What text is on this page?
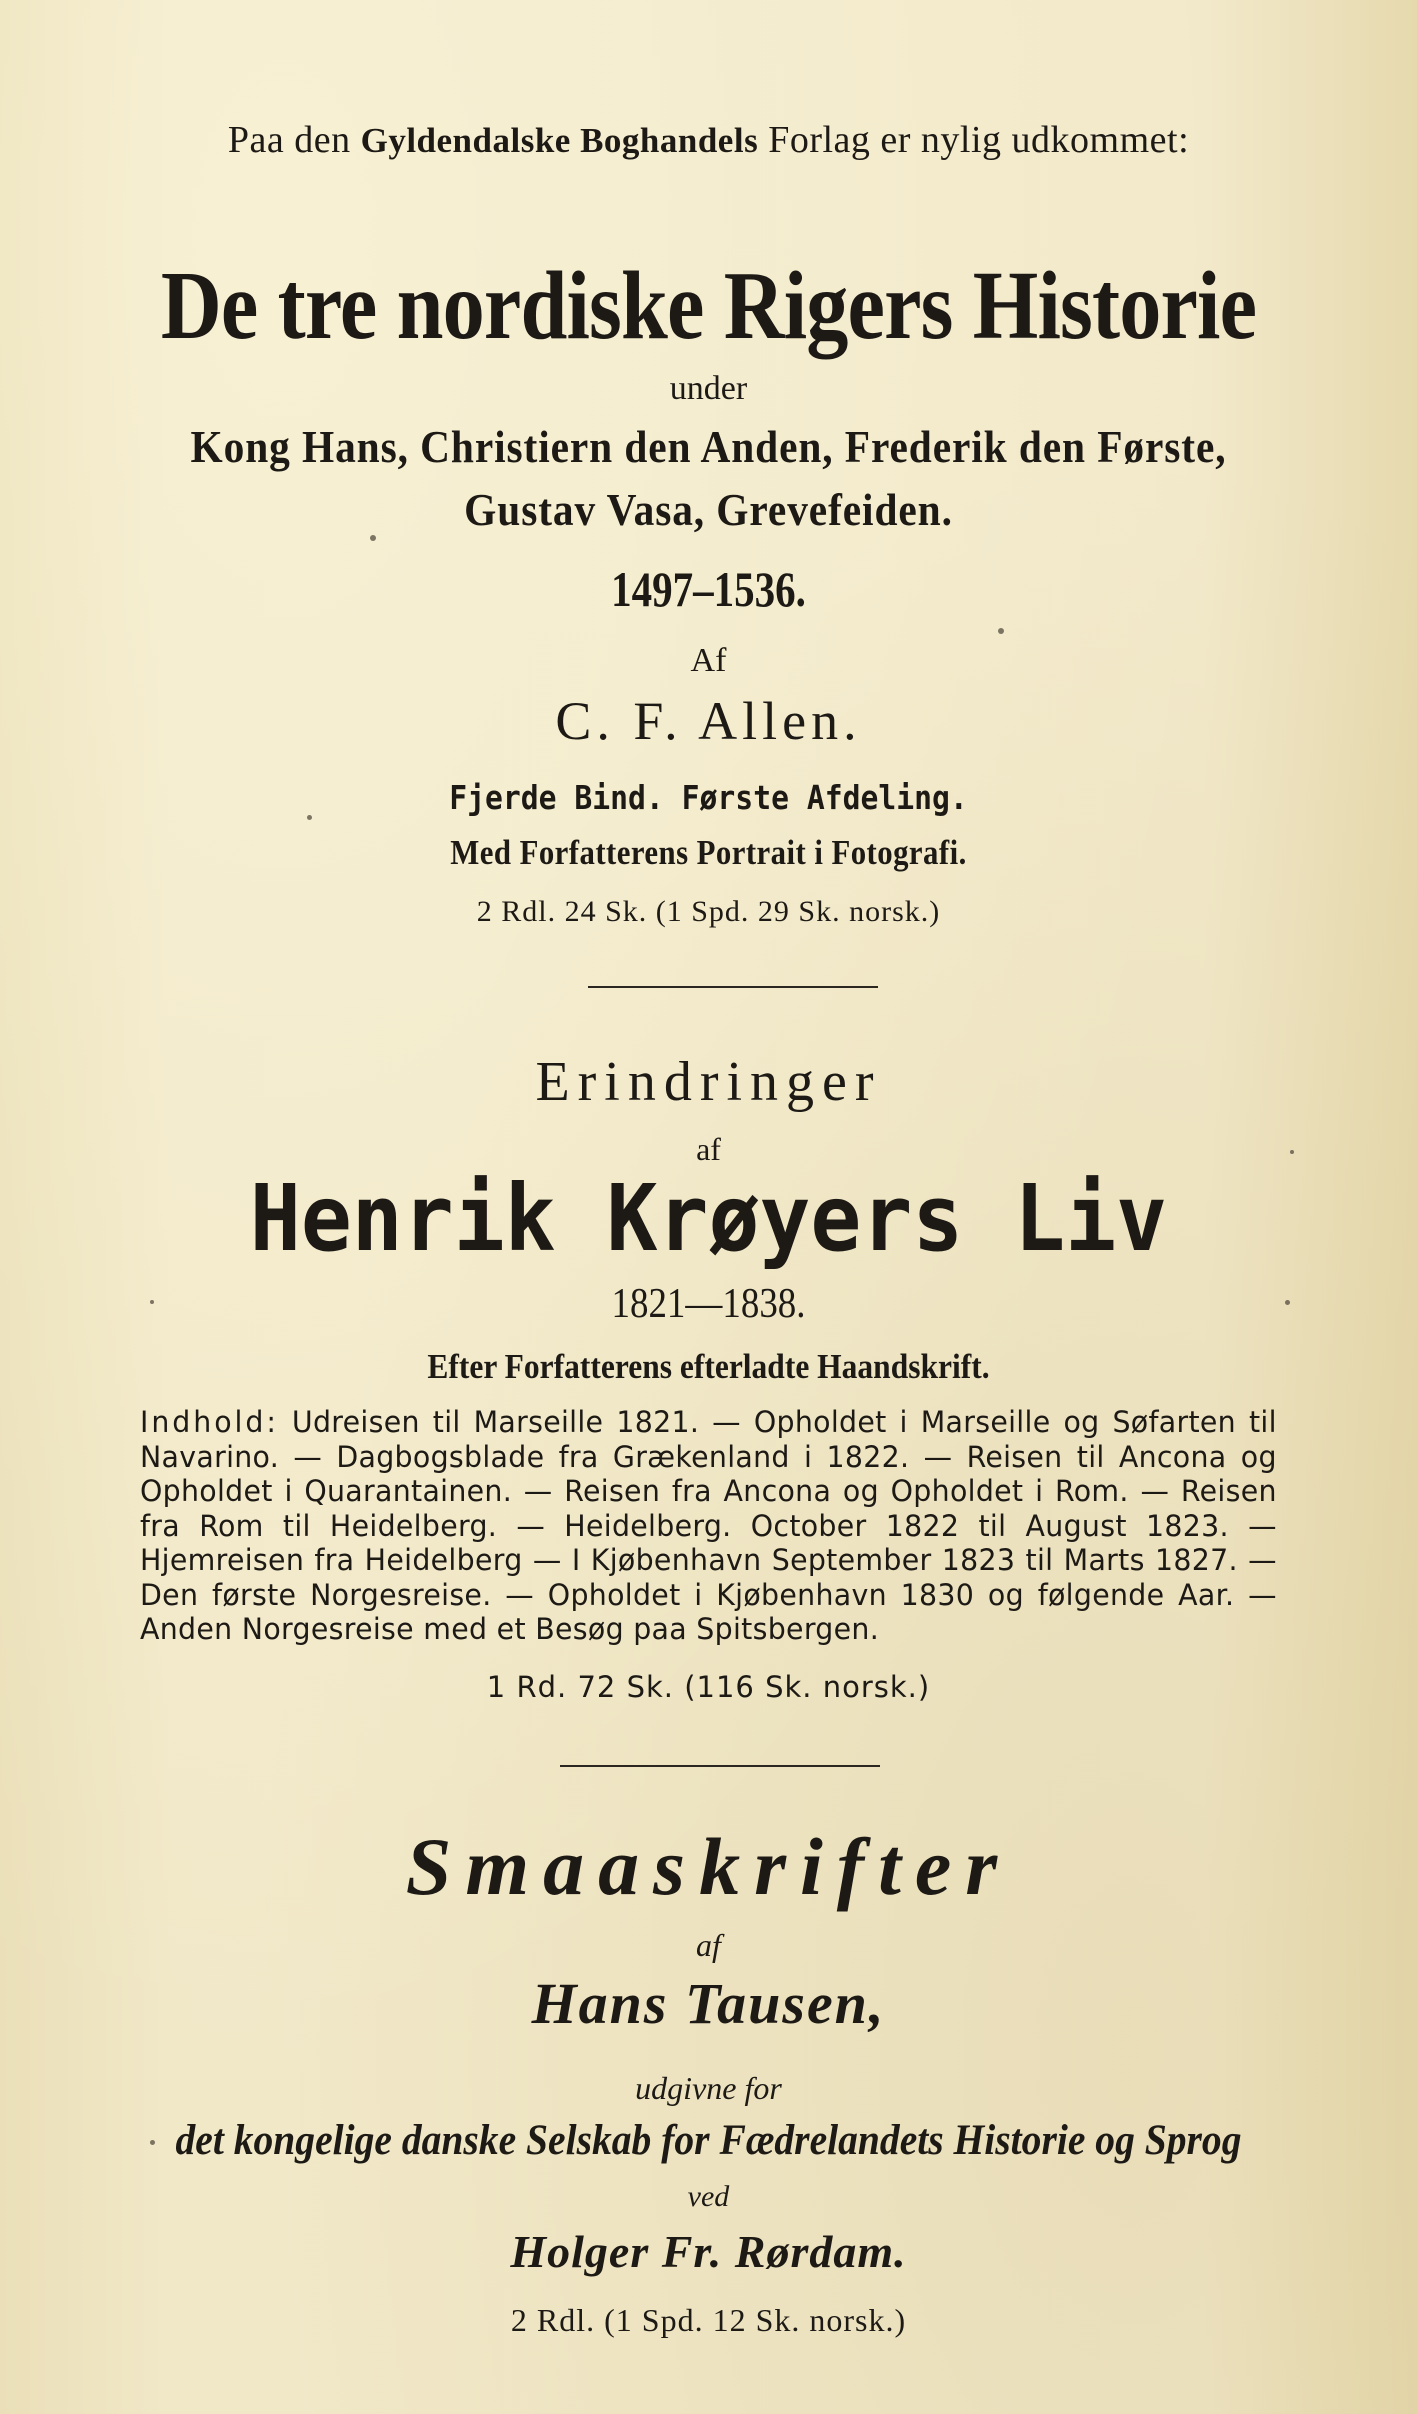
Paa den Gyldendalske Boghandels Forlag er nylig udkommet:
De tre nordiske Rigers Historie
under
Kong Hans, Christiern den Anden, Frederik den Første,
Gustav Vasa, Grevefeiden.
1497–1536.
Af
C. F. Allen.
Fjerde Bind. Første Afdeling.
Med Forfatterens Portrait i Fotografi.
2 Rdl. 24 Sk. (1 Spd. 29 Sk. norsk.)
Erindringer
af
Henrik Krøyers Liv
1821—1838.
Efter Forfatterens efterladte Haandskrift.
Indhold: Udreisen til Marseille 1821. — Opholdet i Marseille og Søfarten til Navarino. — Dagbogsblade fra Grækenland i 1822. — Reisen til Ancona og Opholdet i Quarantainen. — Reisen fra Ancona og Opholdet i Rom. — Reisen fra Rom til Heidelberg. — Heidelberg. October 1822 til August 1823. — Hjemreisen fra Heidelberg — I Kjøbenhavn September 1823 til Marts 1827. — Den første Norgesreise. — Opholdet i Kjøbenhavn 1830 og følgende Aar. — Anden Norgesreise med et Besøg paa Spitsbergen.
1 Rd. 72 Sk. (116 Sk. norsk.)
Smaaskrifter
af
Hans Tausen,
udgivne for
det kongelige danske Selskab for Fædrelandets Historie og Sprog
ved
Holger Fr. Rørdam.
2 Rdl. (1 Spd. 12 Sk. norsk.)
